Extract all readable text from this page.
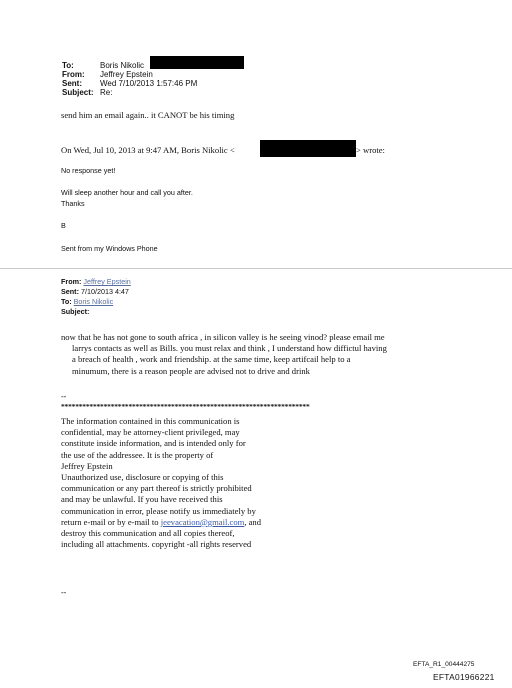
To:	Boris Nikolic
From: Jeffrey Epstein
Sent: Wed 7/10/2013 1:57:46 PM
Subject: Re:
send him an email again.. it CANOT be his timing
On Wed, Jul 10, 2013 at 9:47 AM, Boris Nikolic <	> wrote:
No response yet!
Will sleep another hour and call you after.
Thanks
B
Sent from my Windows Phone
From: Jeffrey Epstein
Sent: 7/10/2013 4:47
To: Boris Nikolic
Subject:
now that he has not gone to south africa , in silicon valley is he seeing vinod? please email me
larrys contacts as well as Bills. you must relax and think , I understand how diffictul having
a breach of health , work and friendship. at the same time, keep artifcail help to a
minumum, there is a reason people are advised not to drive and drink
--
**********************************************************************
The information contained in this communication is
confidential, may be attorney-client privileged, may
constitute inside information, and is intended only for
the use of the addressee. It is the property of
Jeffrey Epstein
Unauthorized use, disclosure or copying of this
communication or any part thereof is strictly prohibited
and may be unlawful. If you have received this
communication in error, please notify us immediately by
return e-mail or by e-mail to jeevacation@gmail.com, and
destroy this communication and all copies thereof,
including all attachments. copyright -all rights reserved
--
EFTA_R1_00444275
EFTA01966221
